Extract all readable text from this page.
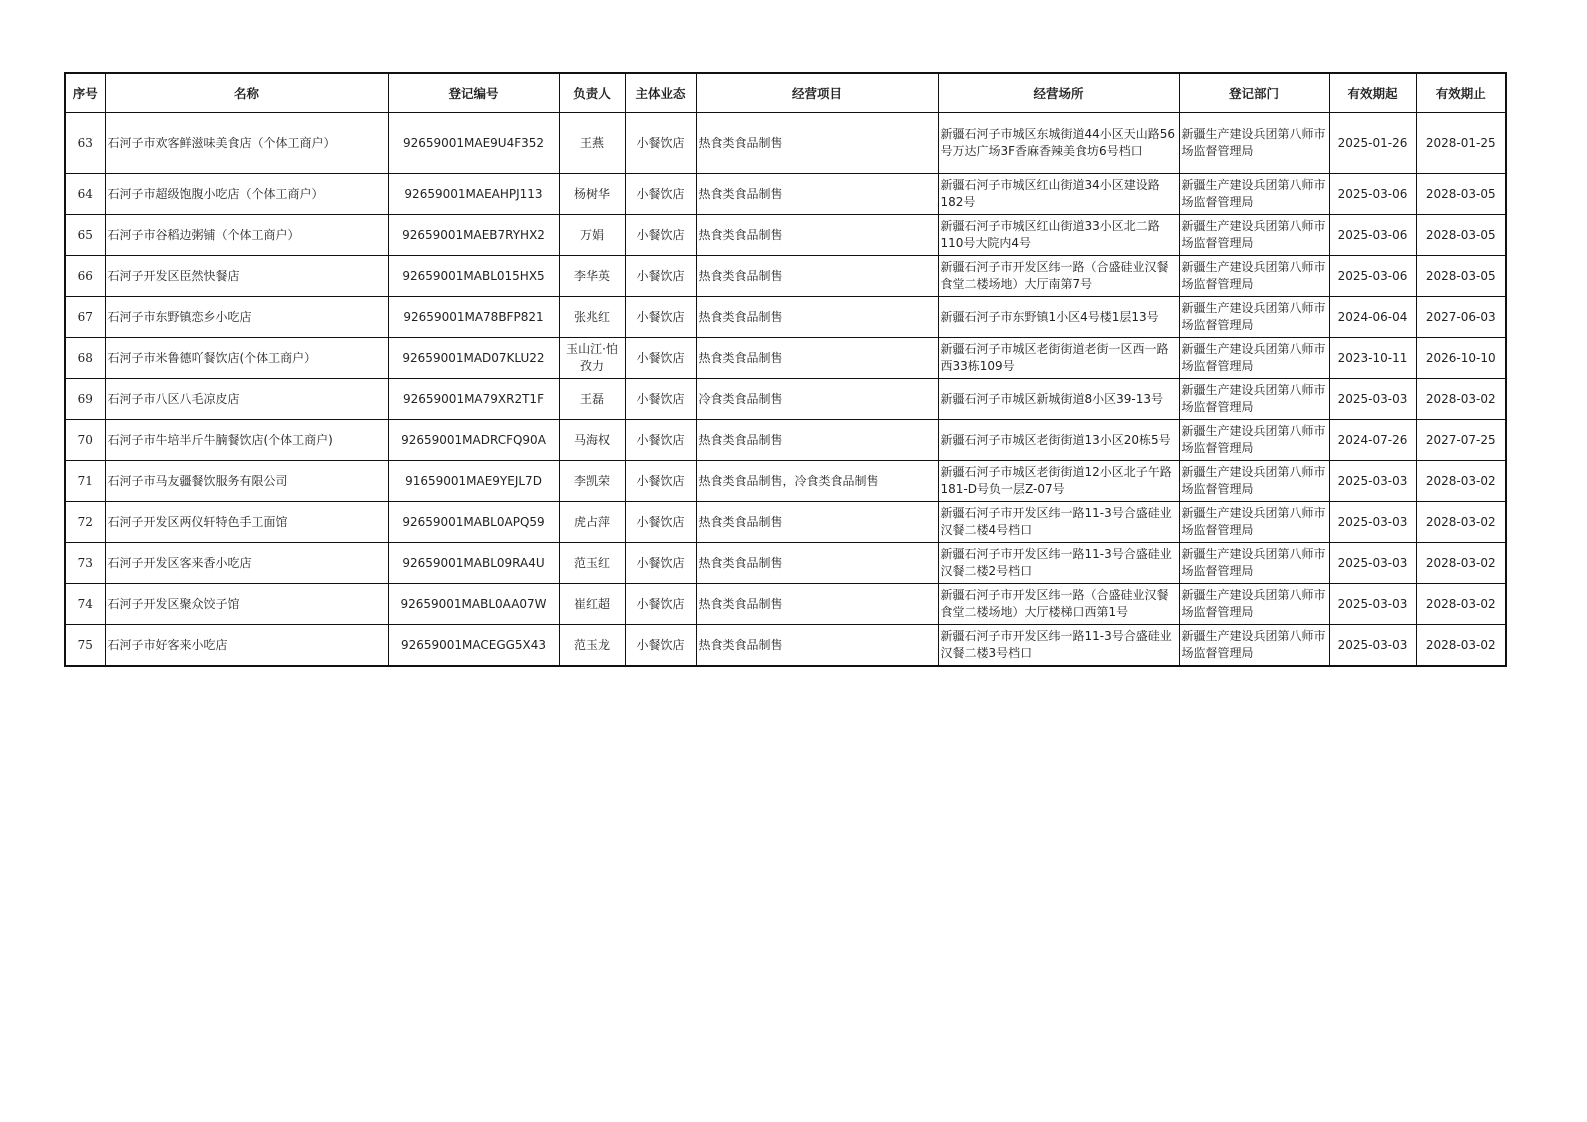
序号	名称	登记编号	负责人	主体业态	经营项目	经营场所	登记部门	有效期起	有效期止
63	石河子市欢客鲜滋味美食店（个体工商户）	92659001MAE9U4F352	王燕	小餐饮店	热食类食品制售	新疆石河子市城区东城街道44小区天山路56号万达广场3F香麻香辣美食坊6号档口	新疆生产建设兵团第八师市场监督管理局	2025-01-26	2028-01-25
64	石河子市超级饱腹小吃店（个体工商户）	92659001MAEAHPJ113	杨树华	小餐饮店	热食类食品制售	新疆石河子市城区红山街道34小区建设路182号	新疆生产建设兵团第八师市场监督管理局	2025-03-06	2028-03-05
65	石河子市谷稻边粥铺（个体工商户）	92659001MAEB7RYHX2	万娟	小餐饮店	热食类食品制售	新疆石河子市城区红山街道33小区北二路110号大院内4号	新疆生产建设兵团第八师市场监督管理局	2025-03-06	2028-03-05
66	石河子开发区臣然快餐店	92659001MABL015HX5	李华英	小餐饮店	热食类食品制售	新疆石河子市开发区纬一路（合盛硅业汉餐食堂二楼场地）大厅南第7号	新疆生产建设兵团第八师市场监督管理局	2025-03-06	2028-03-05
67	石河子市东野镇恋乡小吃店	92659001MA78BFP821	张兆红	小餐饮店	热食类食品制售	新疆石河子市东野镇1小区4号楼1层13号	新疆生产建设兵团第八师市场监督管理局	2024-06-04	2027-06-03
68	石河子市米鲁德吖餐饮店(个体工商户）	92659001MAD07KLU22	玉山江·怕孜力	小餐饮店	热食类食品制售	新疆石河子市城区老街街道老街一区西一路西33栋109号	新疆生产建设兵团第八师市场监督管理局	2023-10-11	2026-10-10
69	石河子市八区八毛凉皮店	92659001MA79XR2T1F	王磊	小餐饮店	冷食类食品制售	新疆石河子市城区新城街道8小区39-13号	新疆生产建设兵团第八师市场监督管理局	2025-03-03	2028-03-02
70	石河子市牛培半斤牛腩餐饮店(个体工商户)	92659001MADRCFQ90A	马海权	小餐饮店	热食类食品制售	新疆石河子市城区老街街道13小区20栋5号	新疆生产建设兵团第八师市场监督管理局	2024-07-26	2027-07-25
71	石河子市马友疆餐饮服务有限公司	91659001MAE9YEJL7D	李凯荣	小餐饮店	热食类食品制售，冷食类食品制售	新疆石河子市城区老街街道12小区北子午路181-D号负一层Z-07号	新疆生产建设兵团第八师市场监督管理局	2025-03-03	2028-03-02
72	石河子开发区两仪轩特色手工面馆	92659001MABL0APQ59	虎占萍	小餐饮店	热食类食品制售	新疆石河子市开发区纬一路11-3号合盛硅业汉餐二楼4号档口	新疆生产建设兵团第八师市场监督管理局	2025-03-03	2028-03-02
73	石河子开发区客来香小吃店	92659001MABL09RA4U	范玉红	小餐饮店	热食类食品制售	新疆石河子市开发区纬一路11-3号合盛硅业汉餐二楼2号档口	新疆生产建设兵团第八师市场监督管理局	2025-03-03	2028-03-02
74	石河子开发区聚众饺子馆	92659001MABL0AA07W	崔红超	小餐饮店	热食类食品制售	新疆石河子市开发区纬一路（合盛硅业汉餐食堂二楼场地）大厅楼梯口西第1号	新疆生产建设兵团第八师市场监督管理局	2025-03-03	2028-03-02
75	石河子市好客来小吃店	92659001MACEGG5X43	范玉龙	小餐饮店	热食类食品制售	新疆石河子市开发区纬一路11-3号合盛硅业汉餐二楼3号档口	新疆生产建设兵团第八师市场监督管理局	2025-03-03	2028-03-02
